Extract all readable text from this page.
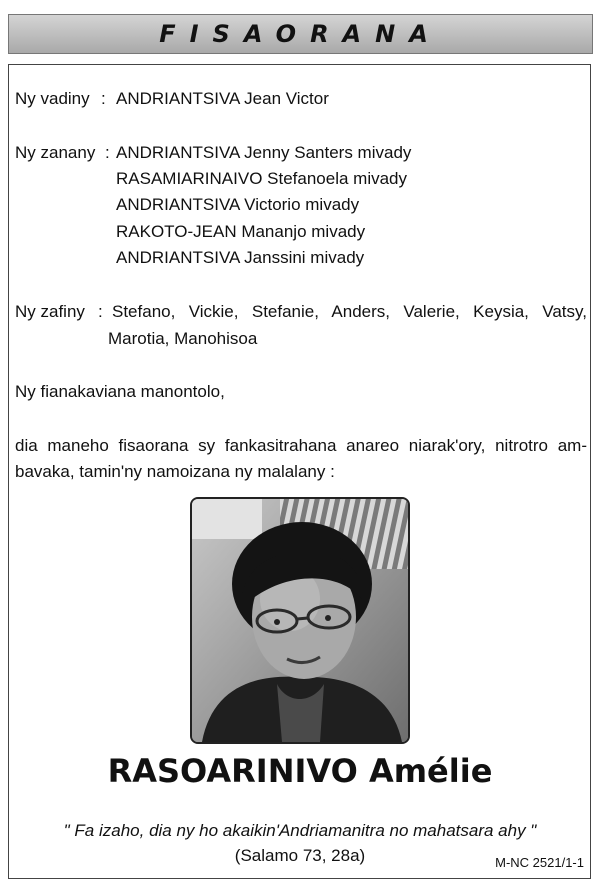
FISAORANA
Ny vadiny : ANDRIANTSIVA Jean Victor
Ny zanany : ANDRIANTSIVA Jenny Santers mivady
RASAMIARINAIVO Stefanoela mivady
ANDRIANTSIVA Victorio mivady
RAKOTO-JEAN Mananjo mivady
ANDRIANTSIVA Janssini mivady
Ny zafiny : Stefano, Vickie, Stefanie, Anders, Valerie, Keysia, Vatsy,
Marotia, Manohisoa
Ny fianakaviana manontolo,
dia maneho fisaorana sy fankasitrahana anareo niarak'ory, nitrotro am-
bavaka, tamin'ny namoizana ny malalany :
RASOARINIVO Amélie
" Fa izaho, dia ny ho akaikin'Andriamanitra no mahatsara ahy "
(Salamo 73, 28a)	M-NC 2521/1-1
